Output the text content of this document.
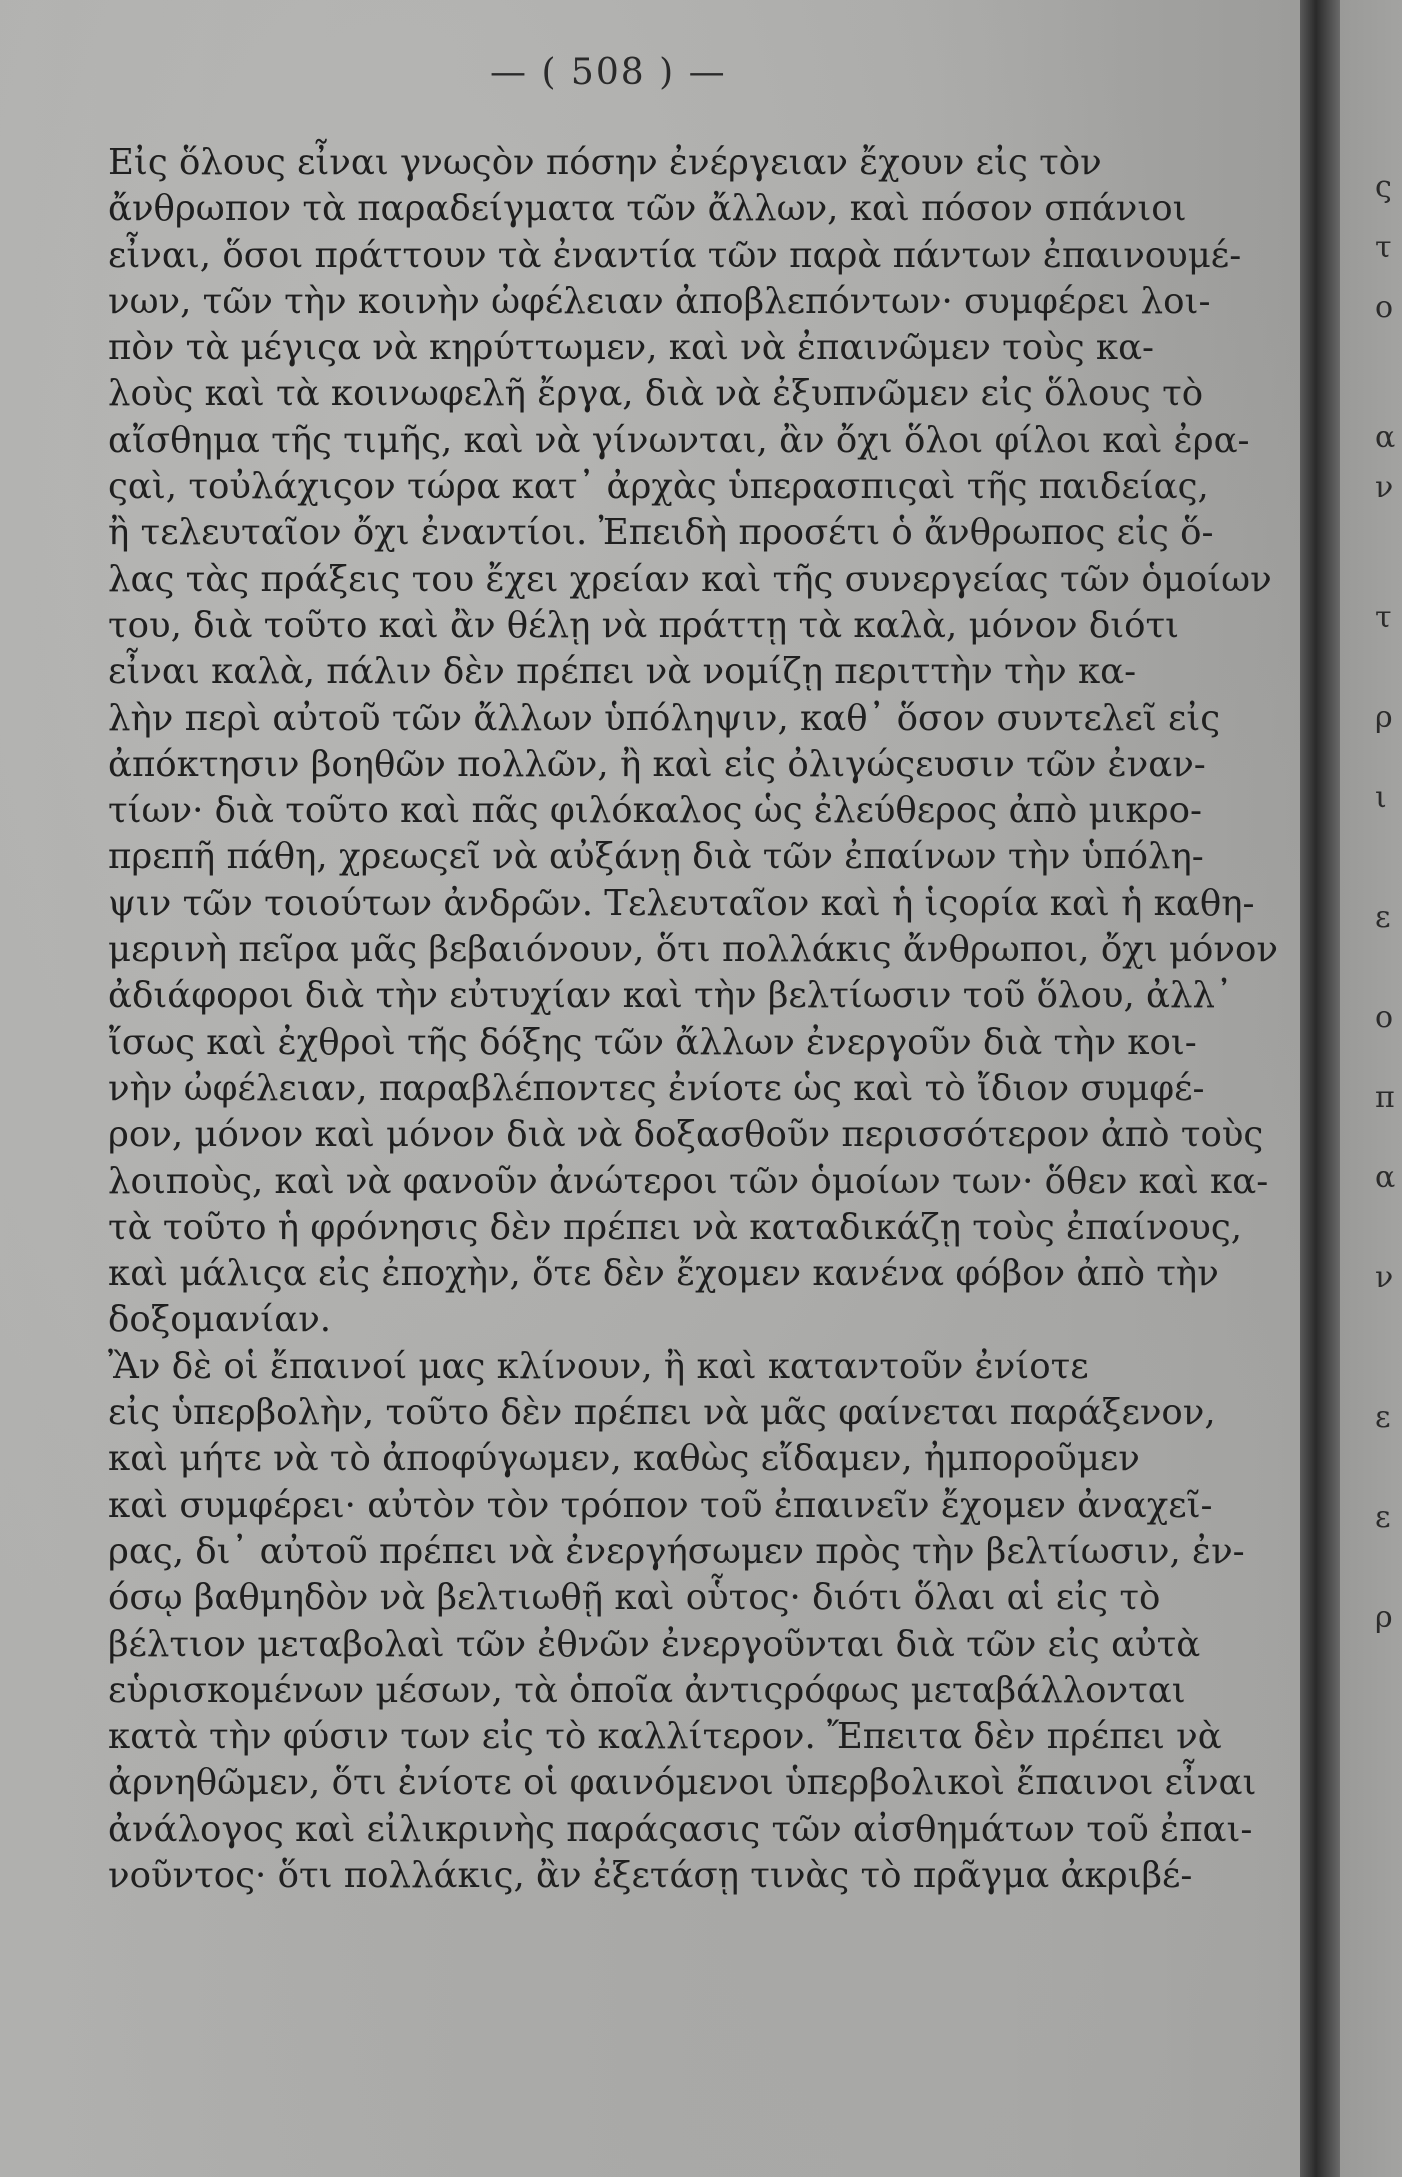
— ( 508 ) —
Εἰς ὅλους εἶναι γνωςὸν πόσην ἐνέργειαν ἔχουν εἰς τὸν
ἄνθρωπον τὰ παραδείγματα τῶν ἄλλων, καὶ πόσον σπάνιοι
εἶναι, ὅσοι πράττουν τὰ ἐναντία τῶν παρὰ πάντων ἐπαινουμέ-
νων, τῶν τὴν κοινὴν ὠφέλειαν ἀποβλεπόντων· συμφέρει λοι-
πὸν τὰ μέγιςα νὰ κηρύττωμεν, καὶ νὰ ἐπαινῶμεν τοὺς κα-
λοὺς καὶ τὰ κοινωφελῆ ἔργα, διὰ νὰ ἐξυπνῶμεν εἰς ὅλους τὸ
αἴσθημα τῆς τιμῆς, καὶ νὰ γίνωνται, ἂν ὄχι ὅλοι φίλοι καὶ ἐρα-
ςαὶ, τοὐλάχιςον τώρα κατ᾽ ἀρχὰς ὑπερασπιςαὶ τῆς παιδείας,
ἢ τελευταῖον ὄχι ἐναντίοι. Ἐπειδὴ προσέτι ὁ ἄνθρωπος εἰς ὅ-
λας τὰς πράξεις του ἔχει χρείαν καὶ τῆς συνεργείας τῶν ὁμοίων
του, διὰ τοῦτο καὶ ἂν θέλῃ νὰ πράττῃ τὰ καλὰ, μόνον διότι
εἶναι καλὰ, πάλιν δὲν πρέπει νὰ νομίζῃ περιττὴν τὴν κα-
λὴν περὶ αὐτοῦ τῶν ἄλλων ὑπόληψιν, καθ᾽ ὅσον συντελεῖ εἰς
ἀπόκτησιν βοηθῶν πολλῶν, ἢ καὶ εἰς ὀλιγώςευσιν τῶν ἐναν-
τίων· διὰ τοῦτο καὶ πᾶς φιλόκαλος ὡς ἐλεύθερος ἀπὸ μικρο-
πρεπῆ πάθη, χρεωςεῖ νὰ αὐξάνῃ διὰ τῶν ἐπαίνων τὴν ὑπόλη-
ψιν τῶν τοιούτων ἀνδρῶν. Τελευταῖον καὶ ἡ ἱςορία καὶ ἡ καθη-
μερινὴ πεῖρα μᾶς βεβαιόνουν, ὅτι πολλάκις ἄνθρωποι, ὄχι μόνον
ἀδιάφοροι διὰ τὴν εὐτυχίαν καὶ τὴν βελτίωσιν τοῦ ὅλου, ἀλλ᾽
ἴσως καὶ ἐχθροὶ τῆς δόξης τῶν ἄλλων ἐνεργοῦν διὰ τὴν κοι-
νὴν ὠφέλειαν, παραβλέποντες ἐνίοτε ὡς καὶ τὸ ἴδιον συμφέ-
ρον, μόνον καὶ μόνον διὰ νὰ δοξασθοῦν περισσότερον ἀπὸ τοὺς
λοιποὺς, καὶ νὰ φανοῦν ἀνώτεροι τῶν ὁμοίων των· ὅθεν καὶ κα-
τὰ τοῦτο ἡ φρόνησις δὲν πρέπει νὰ καταδικάζῃ τοὺς ἐπαίνους,
καὶ μάλιςα εἰς ἐποχὴν, ὅτε δὲν ἔχομεν κανένα φόβον ἀπὸ τὴν
δοξομανίαν.
Ἂν δὲ οἱ ἔπαινοί μας κλίνουν, ἢ καὶ καταντοῦν ἐνίοτε
εἰς ὑπερβολὴν, τοῦτο δὲν πρέπει νὰ μᾶς φαίνεται παράξενον,
καὶ μήτε νὰ τὸ ἀποφύγωμεν, καθὼς εἴδαμεν, ἠμποροῦμεν
καὶ συμφέρει· αὐτὸν τὸν τρόπον τοῦ ἐπαινεῖν ἔχομεν ἀναχεῖ-
ρας, δι᾽ αὐτοῦ πρέπει νὰ ἐνεργήσωμεν πρὸς τὴν βελτίωσιν, ἐν-
όσῳ βαθμηδὸν νὰ βελτιωθῇ καὶ οὗτος· διότι ὅλαι αἱ εἰς τὸ
βέλτιον μεταβολαὶ τῶν ἐθνῶν ἐνεργοῦνται διὰ τῶν εἰς αὐτὰ
εὑρισκομένων μέσων, τὰ ὁποῖα ἀντιςρόφως μεταβάλλονται
κατὰ τὴν φύσιν των εἰς τὸ καλλίτερον. Ἔπειτα δὲν πρέπει νὰ
ἀρνηθῶμεν, ὅτι ἐνίοτε οἱ φαινόμενοι ὑπερβολικοὶ ἔπαινοι εἶναι
ἀνάλογος καὶ εἰλικρινὴς παράςασις τῶν αἰσθημάτων τοῦ ἐπαι-
νοῦντος· ὅτι πολλάκις, ἂν ἐξετάσῃ τινὰς τὸ πρᾶγμα ἀκριβέ-
ς
τ
ο
α
ν
τ
ρ
ι
ε
ο
π
α
ν
ε
ε
ρ
